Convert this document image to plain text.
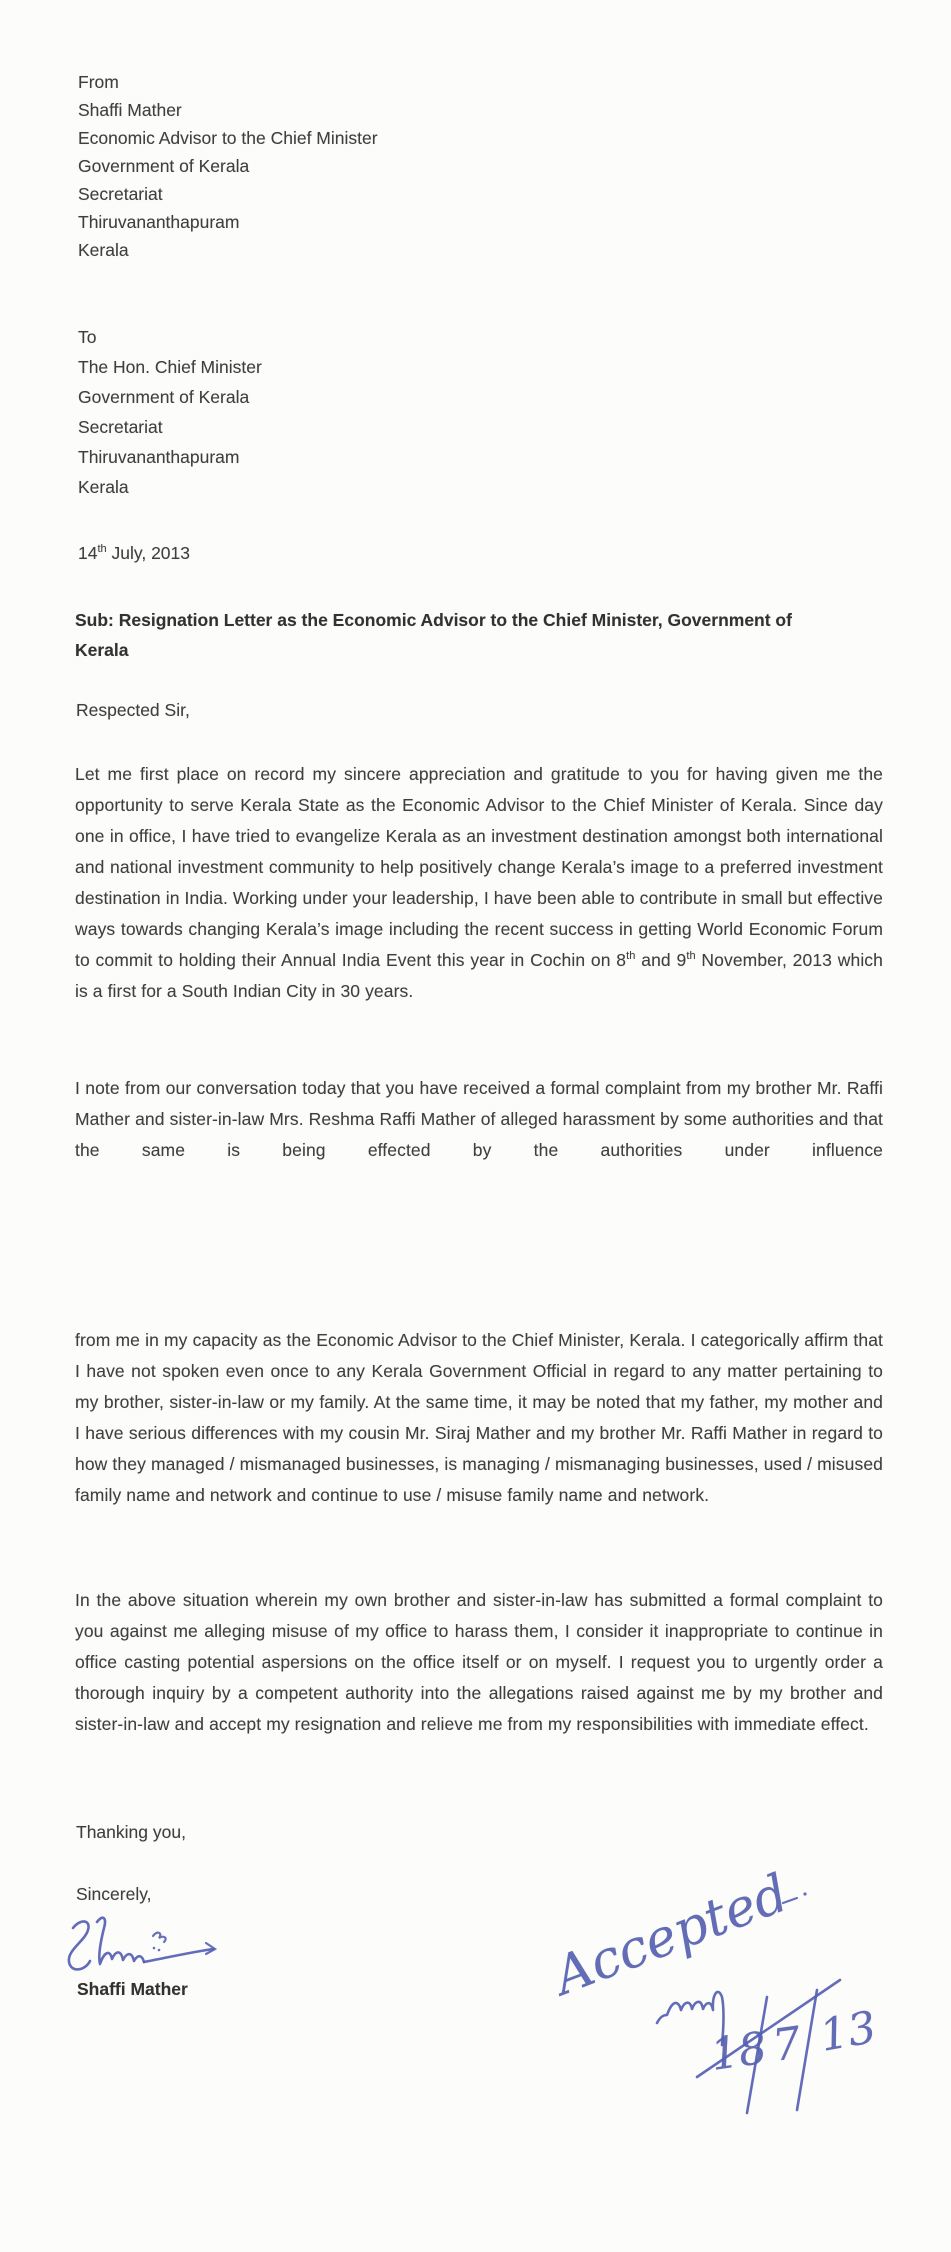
From
Shaffi Mather
Economic Advisor to the Chief Minister
Government of Kerala
Secretariat
Thiruvananthapuram
Kerala
To
The Hon. Chief Minister
Government of Kerala
Secretariat
Thiruvananthapuram
Kerala
14th July, 2013
Sub: Resignation Letter as the Economic Advisor to the Chief Minister, Government of
Kerala
Respected Sir,
Let me first place on record my sincere appreciation and gratitude to you for having given me the opportunity to serve Kerala State as the Economic Advisor to the Chief Minister of Kerala. Since day one in office, I have tried to evangelize Kerala as an investment destination amongst both international and national investment community to help positively change Kerala’s image to a preferred investment destination in India. Working under your leadership, I have been able to contribute in small but effective ways towards changing Kerala’s image including the recent success in getting World Economic Forum to commit to holding their Annual India Event this year in Cochin on 8th and 9th November, 2013 which is a first for a South Indian City in 30 years.
I note from our conversation today that you have received a formal complaint from my brother Mr. Raffi Mather and sister-in-law Mrs. Reshma Raffi Mather of alleged harassment by some authorities and that the same is being effected by the authorities under influence
from me in my capacity as the Economic Advisor to the Chief Minister, Kerala. I categorically affirm that I have not spoken even once to any Kerala Government Official in regard to any matter pertaining to my brother, sister-in-law or my family. At the same time, it may be noted that my father, my mother and I have serious differences with my cousin Mr. Siraj Mather and my brother Mr. Raffi Mather in regard to how they managed / mismanaged businesses, is managing / mismanaging businesses, used / misused family name and network and continue to use / misuse family name and network.
In the above situation wherein my own brother and sister-in-law has submitted a formal complaint to you against me alleging misuse of my office to harass them, I consider it inappropriate to continue in office casting potential aspersions on the office itself or on myself. I request you to urgently order a thorough inquiry by a competent authority into the allegations raised against me by my brother and sister-in-law and accept my resignation and relieve me from my responsibilities with immediate effect.
Thanking you,
Sincerely,
Shaffi Mather	Accepted
18 7 13
